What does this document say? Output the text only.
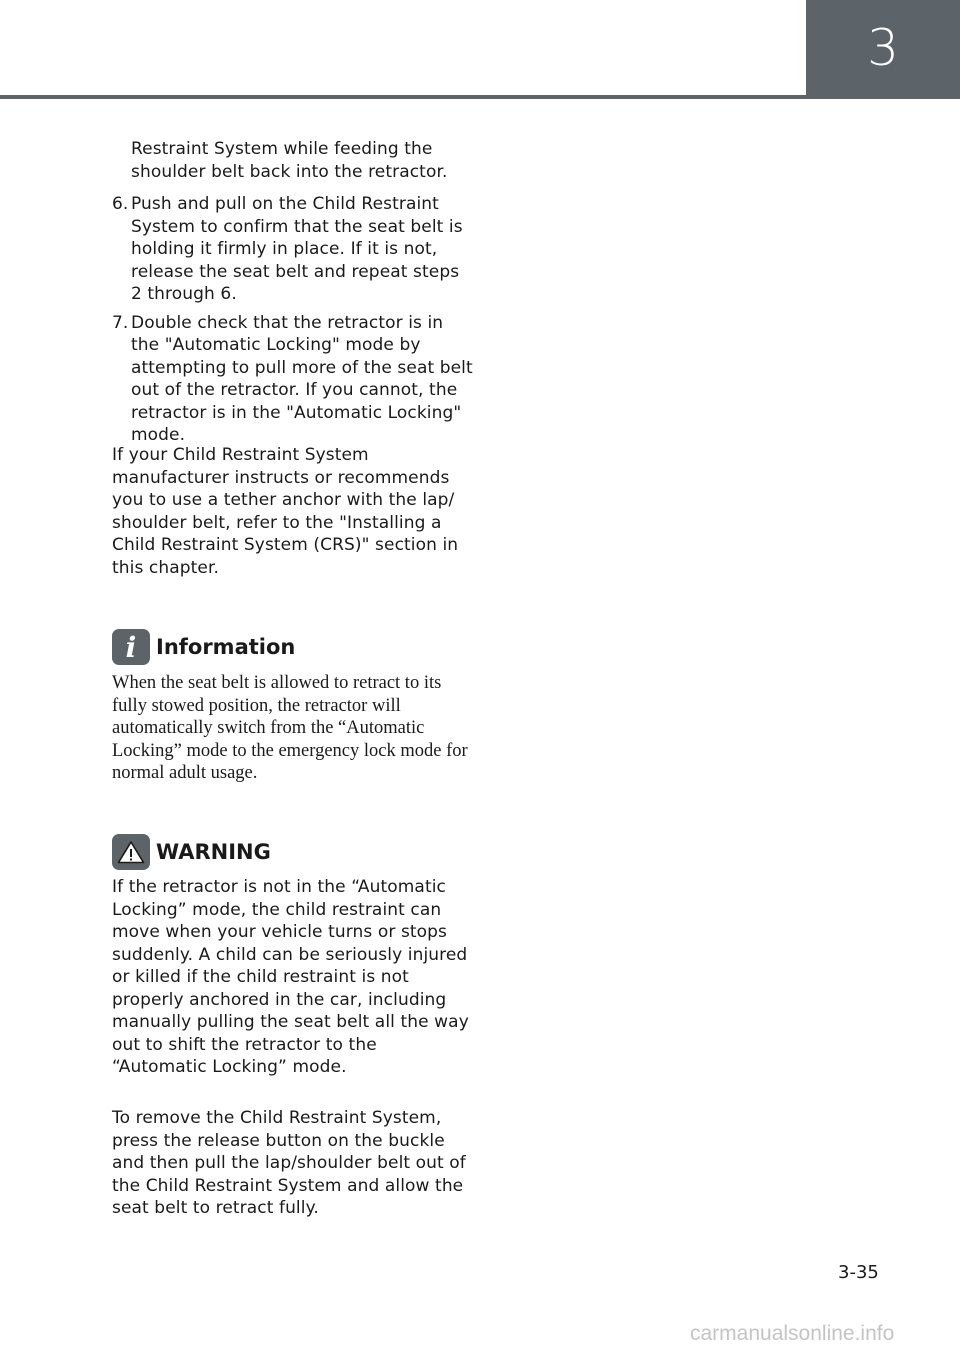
3
Restraint System while feeding the shoulder belt back into the retractor.
6. Push and pull on the Child Restraint System to confirm that the seat belt is holding it firmly in place. If it is not, release the seat belt and repeat steps 2 through 6.
7. Double check that the retractor is in the "Automatic Locking" mode by attempting to pull more of the seat belt out of the retractor. If you cannot, the retractor is in the "Automatic Locking" mode.
If your Child Restraint System manufacturer instructs or recommends you to use a tether anchor with the lap/ shoulder belt, refer to the "Installing a Child Restraint System (CRS)" section in this chapter.
i Information
When the seat belt is allowed to retract to its fully stowed position, the retractor will automatically switch from the “Automatic Locking” mode to the emergency lock mode for normal adult usage.
WARNING
If the retractor is not in the “Automatic Locking” mode, the child restraint can move when your vehicle turns or stops suddenly. A child can be seriously injured or killed if the child restraint is not properly anchored in the car, including manually pulling the seat belt all the way out to shift the retractor to the “Automatic Locking” mode.
To remove the Child Restraint System, press the release button on the buckle and then pull the lap/shoulder belt out of the Child Restraint System and allow the seat belt to retract fully.
3-35
carmanualsonline.info
